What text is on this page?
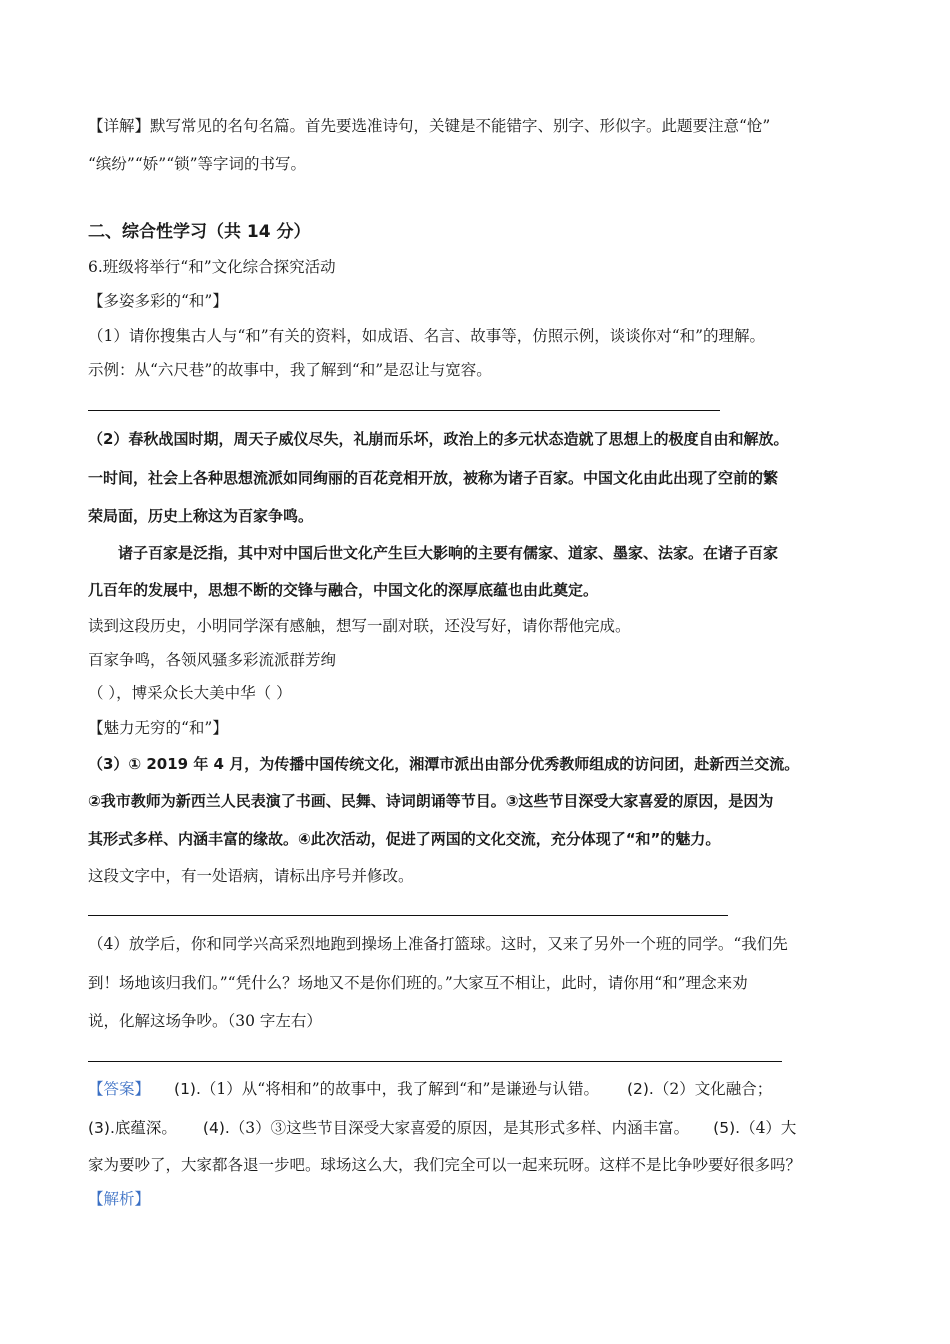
【详解】默写常见的名句名篇。首先要选准诗句，关键是不能错字、别字、形似字。此题要注意“怆”
“缤纷”“娇”“锁”等字词的书写。
二、综合性学习（共 14 分）
6.班级将举行“和”文化综合探究活动
【多姿多彩的“和”】
（1）请你搜集古人与“和”有关的资料，如成语、名言、故事等，仿照示例，谈谈你对“和”的理解。
示例：从“六尺巷”的故事中，我了解到“和”是忍让与宽容。
（2）春秋战国时期，周天子威仪尽失，礼崩而乐坏，政治上的多元状态造就了思想上的极度自由和解放。
一时间，社会上各种思想流派如同绚丽的百花竞相开放，被称为诸子百家。中国文化由此出现了空前的繁
荣局面，历史上称这为百家争鸣。
诸子百家是泛指，其中对中国后世文化产生巨大影响的主要有儒家、道家、墨家、法家。在诸子百家
几百年的发展中，思想不断的交锋与融合，中国文化的深厚底蕴也由此奠定。
读到这段历史，小明同学深有感触，想写一副对联，还没写好，请你帮他完成。
百家争鸣，各领风骚多彩流派群芳绚
（ ），博采众长大美中华（ ）
【魅力无穷的“和”】
（3）① 2019 年 4 月，为传播中国传统文化，湘潭市派出由部分优秀教师组成的访问团，赴新西兰交流。
②我市教师为新西兰人民表演了书画、民舞、诗词朗诵等节目。③这些节目深受大家喜爱的原因，是因为
其形式多样、内涵丰富的缘故。④此次活动，促进了两国的文化交流，充分体现了“和”的魅力。
这段文字中，有一处语病，请标出序号并修改。
（4）放学后，你和同学兴高采烈地跑到操场上准备打篮球。这时，又来了另外一个班的同学。“我们先
到！场地该归我们。”“凭什么？场地又不是你们班的。”大家互不相让，此时，请你用“和”理念来劝
说，化解这场争吵。（30 字左右）
【答案】 (1).（1）从“将相和”的故事中，我了解到“和”是谦逊与认错。 (2).（2）文化融合；
(3).底蕴深。 (4).（3）③这些节目深受大家喜爱的原因，是其形式多样、内涵丰富。 (5).（4）大
家为要吵了，大家都各退一步吧。球场这么大，我们完全可以一起来玩呀。这样不是比争吵要好很多吗？
【解析】
